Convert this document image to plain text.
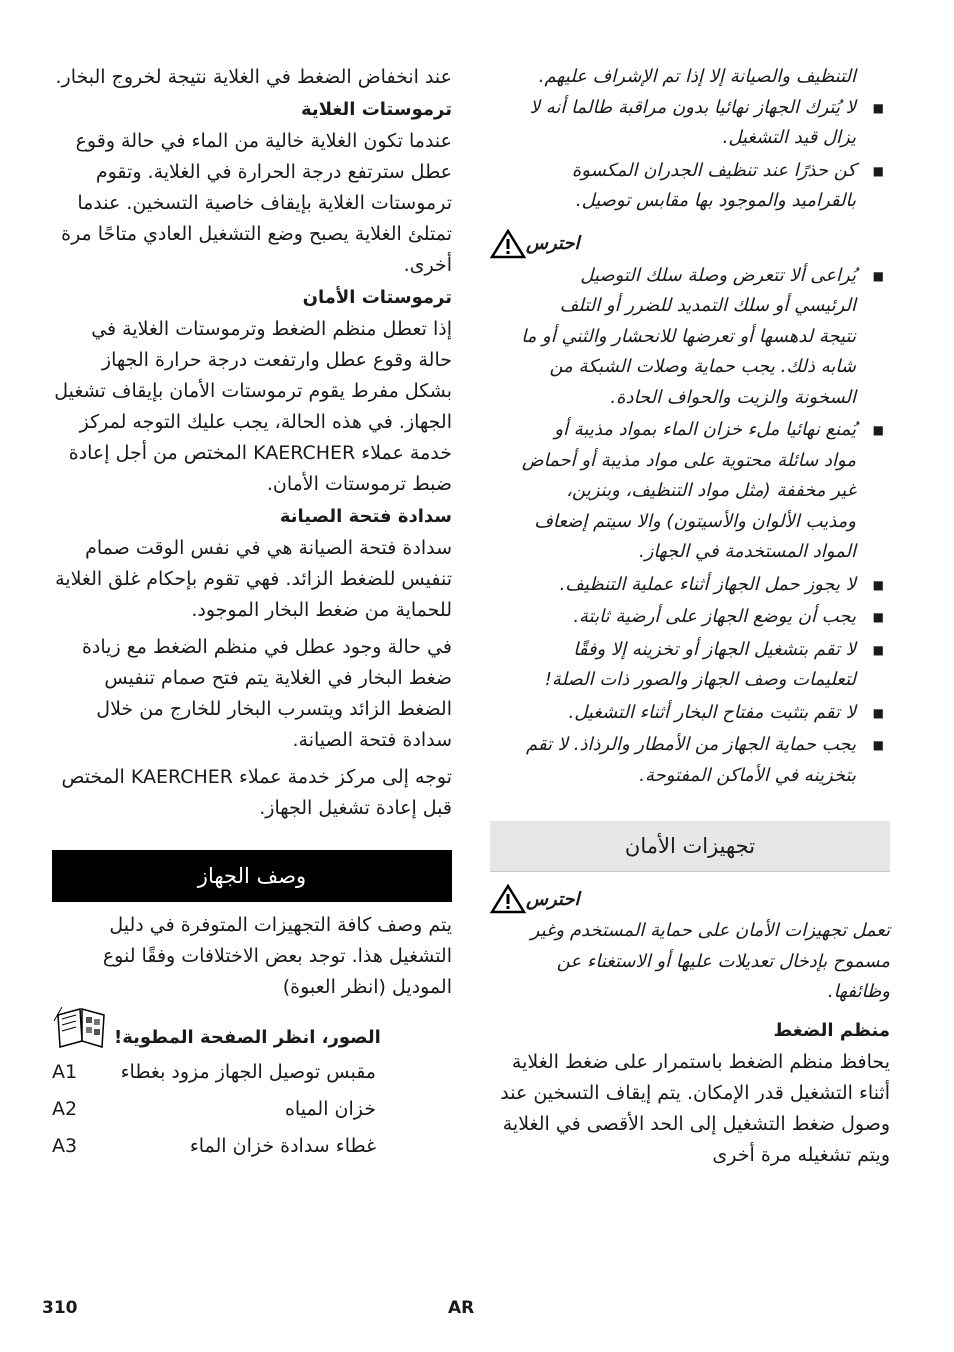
التنظيف والصيانة إلا إذا تم الإشراف عليهم.

■ لا يُترك الجهاز نهائيا بدون مراقبة طالما أنه لا يزال قيد التشغيل.

■ كن حذرًا عند تنظيف الجدران المكسوة بالقراميد والموجود بها مقابس توصيل.

احترس

■ يُراعى ألا تتعرض وصلة سلك التوصيل الرئيسي أو سلك التمديد للضرر أو التلف نتيجة لدهسها أو تعرضها للانحشار والثني أو ما شابه ذلك. يجب حماية وصلات الشبكة من السخونة والزيت والحواف الحادة.

■ يُمنع نهائيا ملء خزان الماء بمواد مذيبة أو مواد سائلة محتوية على مواد مذيبة أو أحماض غير مخففة (مثل مواد التنظيف، وبنزين، ومذيب الألوان والأسيتون) والا سيتم إضعاف المواد المستخدمة في الجهاز.

■ لا يجوز حمل الجهاز أثناء عملية التنظيف.

■ يجب أن يوضع الجهاز على أرضية ثابتة.

■ لا تقم بتشغيل الجهاز أو تخزينه إلا وفقًا لتعليمات وصف الجهاز والصور ذات الصلة!

■ لا تقم بتثبت مفتاح البخار أثناء التشغيل.

■ يجب حماية الجهاز من الأمطار والرذاذ. لا تقم بتخزينه في الأماكن المفتوحة.

تجهيزات الأمان
احترس

تعمل تجهيزات الأمان على حماية المستخدم وغير مسموح بإدخال تعديلات عليها أو الاستغناء عن وظائفها.

منظم الضغط

يحافظ منظم الضغط باستمرار على ضغط الغلاية أثناء التشغيل قدر الإمكان. يتم إيقاف التسخين عند وصول ضغط التشغيل إلى الحد الأقصى في الغلاية ويتم تشغيله مرة أخرى

عند انخفاض الضغط في الغلاية نتيجة لخروج البخار.

ترموستات الغلاية

عندما تكون الغلاية خالية من الماء في حالة وقوع عطل سترتفع درجة الحرارة في الغلاية. وتقوم ترموستات الغلاية بإيقاف خاصية التسخين. عندما تمتلئ الغلاية يصبح وضع التشغيل العادي متاحًا مرة أخرى.

ترموستات الأمان

إذا تعطل منظم الضغط وترموستات الغلاية في حالة وقوع عطل وارتفعت درجة حرارة الجهاز بشكل مفرط يقوم ترموستات الأمان بإيقاف تشغيل الجهاز. في هذه الحالة، يجب عليك التوجه لمركز خدمة عملاء KAERCHER المختص من أجل إعادة ضبط ترموستات الأمان.

سدادة فتحة الصيانة

سدادة فتحة الصيانة هي في نفس الوقت صمام تنفيس للضغط الزائد. فهي تقوم بإحكام غلق الغلاية للحماية من ضغط البخار الموجود.

في حالة وجود عطل في منظم الضغط مع زيادة ضغط البخار في الغلاية يتم فتح صمام تنفيس الضغط الزائد ويتسرب البخار للخارج من خلال سدادة فتحة الصيانة.

توجه إلى مركز خدمة عملاء KAERCHER المختص قبل إعادة تشغيل الجهاز.

وصف الجهاز

يتم وصف كافة التجهيزات المتوفرة في دليل التشغيل هذا. توجد بعض الاختلافات وفقًا لنوع الموديل (انظر العبوة)

الصور، انظر الصفحة المطوية!

مقبس توصيل الجهاز مزود بغطاء
A1
خزان المياه
A2
غطاء سدادة خزان الماء
A3
310	AR
